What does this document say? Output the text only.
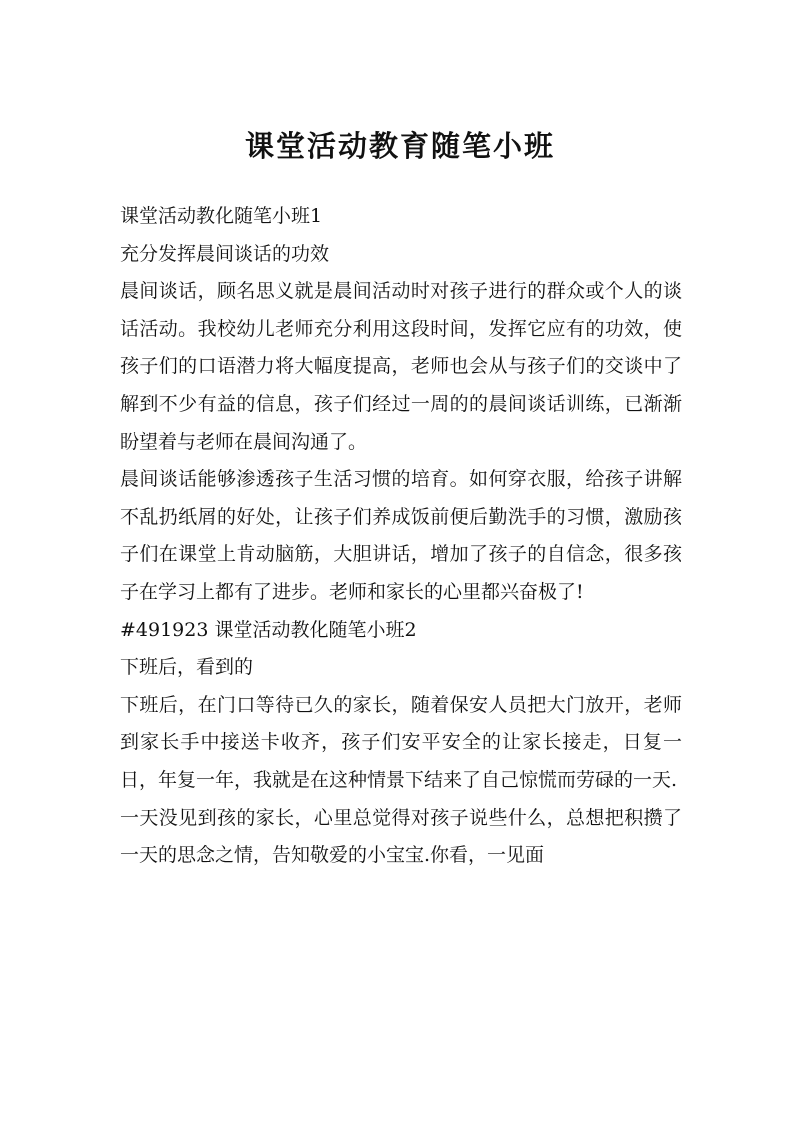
课堂活动教育随笔小班

课堂活动教化随笔小班1

充分发挥晨间谈话的功效

晨间谈话，顾名思义就是晨间活动时对孩子进行的群众或个人的谈话活动。我校幼儿老师充分利用这段时间，发挥它应有的功效，使孩子们的口语潜力将大幅度提高，老师也会从与孩子们的交谈中了解到不少有益的信息，孩子们经过一周的的晨间谈话训练，已渐渐盼望着与老师在晨间沟通了。

晨间谈话能够渗透孩子生活习惯的培育。如何穿衣服，给孩子讲解不乱扔纸屑的好处，让孩子们养成饭前便后勤洗手的习惯，激励孩子们在课堂上肯动脑筋，大胆讲话，增加了孩子的自信念，很多孩子在学习上都有了进步。老师和家长的心里都兴奋极了!

#491923 课堂活动教化随笔小班2

下班后，看到的

下班后，在门口等待已久的家长，随着保安人员把大门放开，老师到家长手中接送卡收齐，孩子们安平安全的让家长接走，日复一日，年复一年，我就是在这种情景下结来了自己惊慌而劳碌的一天.

一天没见到孩的家长，心里总觉得对孩子说些什么，总想把积攒了一天的思念之情，告知敬爱的小宝宝.你看，一见面
